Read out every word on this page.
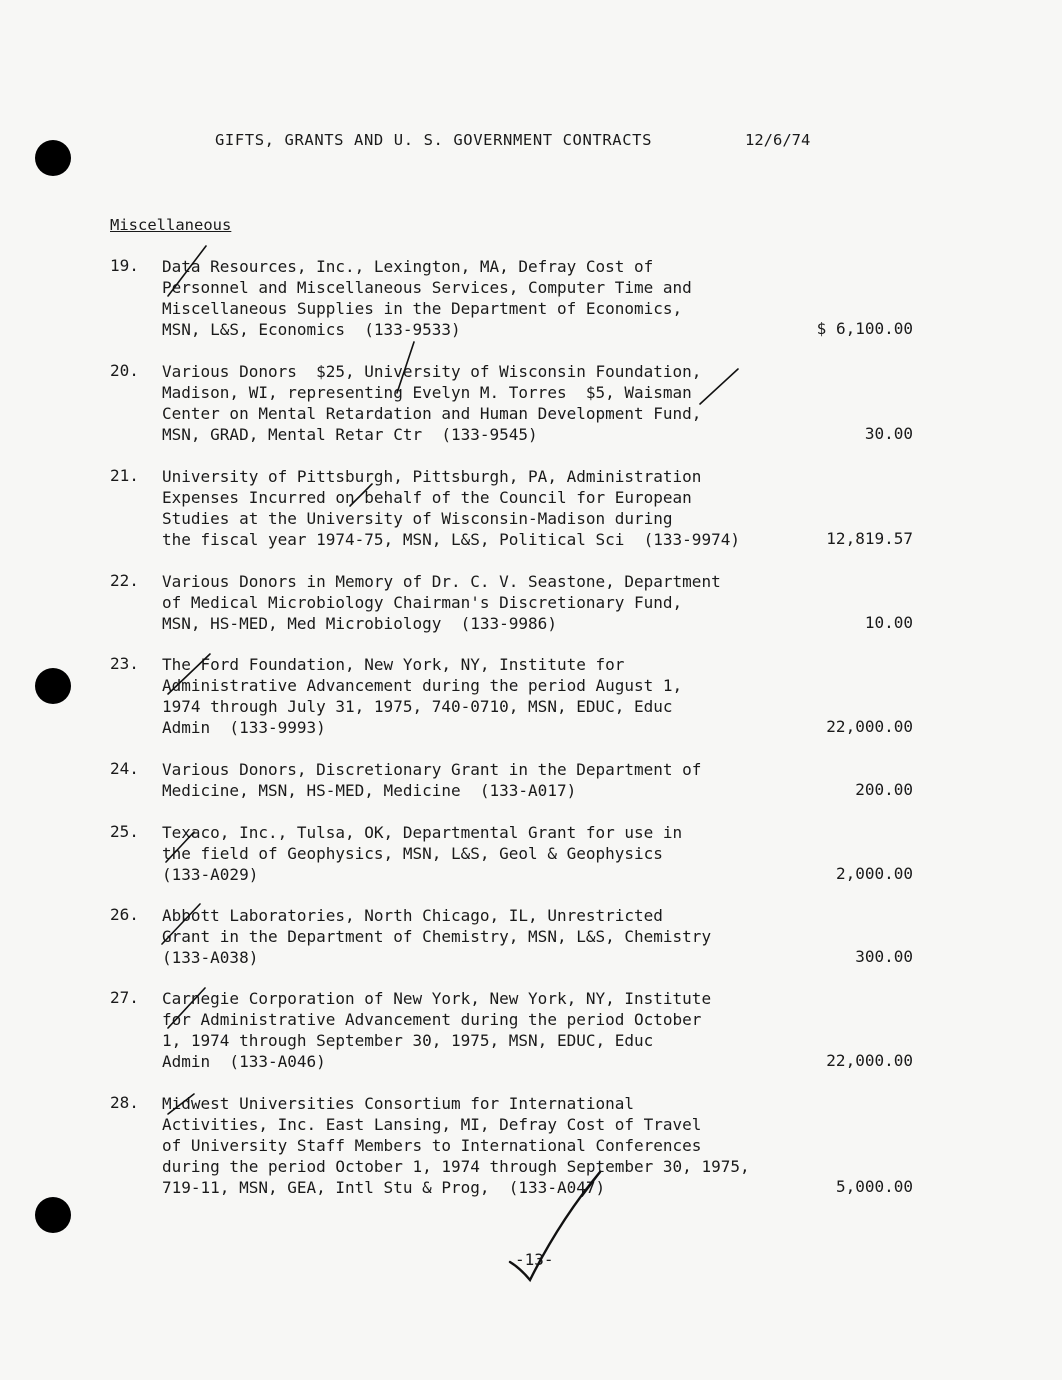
GIFTS, GRANTS AND U. S. GOVERNMENT CONTRACTS	12/6/74
Miscellaneous
19. Data Resources, Inc., Lexington, MA, Defray Cost of
Personnel and Miscellaneous Services, Computer Time and
Miscellaneous Supplies in the Department of Economics,
MSN, L&S, Economics  (133-9533)	$ 6,100.00
20. Various Donors  $25, University of Wisconsin Foundation,
Madison, WI, representing Evelyn M. Torres  $5, Waisman
Center on Mental Retardation and Human Development Fund,
MSN, GRAD, Mental Retar Ctr  (133-9545)	30.00
21. University of Pittsburgh, Pittsburgh, PA, Administration
Expenses Incurred on behalf of the Council for European
Studies at the University of Wisconsin-Madison during
the fiscal year 1974-75, MSN, L&S, Political Sci  (133-9974)	12,819.57
22. Various Donors in Memory of Dr. C. V. Seastone, Department
of Medical Microbiology Chairman's Discretionary Fund,
MSN, HS-MED, Med Microbiology  (133-9986)	10.00
23. The Ford Foundation, New York, NY, Institute for
Administrative Advancement during the period August 1,
1974 through July 31, 1975, 740-0710, MSN, EDUC, Educ
Admin  (133-9993)	22,000.00
24. Various Donors, Discretionary Grant in the Department of
Medicine, MSN, HS-MED, Medicine  (133-A017)	200.00
25. Texaco, Inc., Tulsa, OK, Departmental Grant for use in
the field of Geophysics, MSN, L&S, Geol & Geophysics
(133-A029)	2,000.00
26. Abbott Laboratories, North Chicago, IL, Unrestricted
Grant in the Department of Chemistry, MSN, L&S, Chemistry
(133-A038)	300.00
27. Carnegie Corporation of New York, New York, NY, Institute
for Administrative Advancement during the period October
1, 1974 through September 30, 1975, MSN, EDUC, Educ
Admin  (133-A046)	22,000.00
28. Midwest Universities Consortium for International
Activities, Inc. East Lansing, MI, Defray Cost of Travel
of University Staff Members to International Conferences
during the period October 1, 1974 through September 30, 1975,
719-11, MSN, GEA, Intl Stu & Prog,  (133-A047)	5,000.00
-13-
